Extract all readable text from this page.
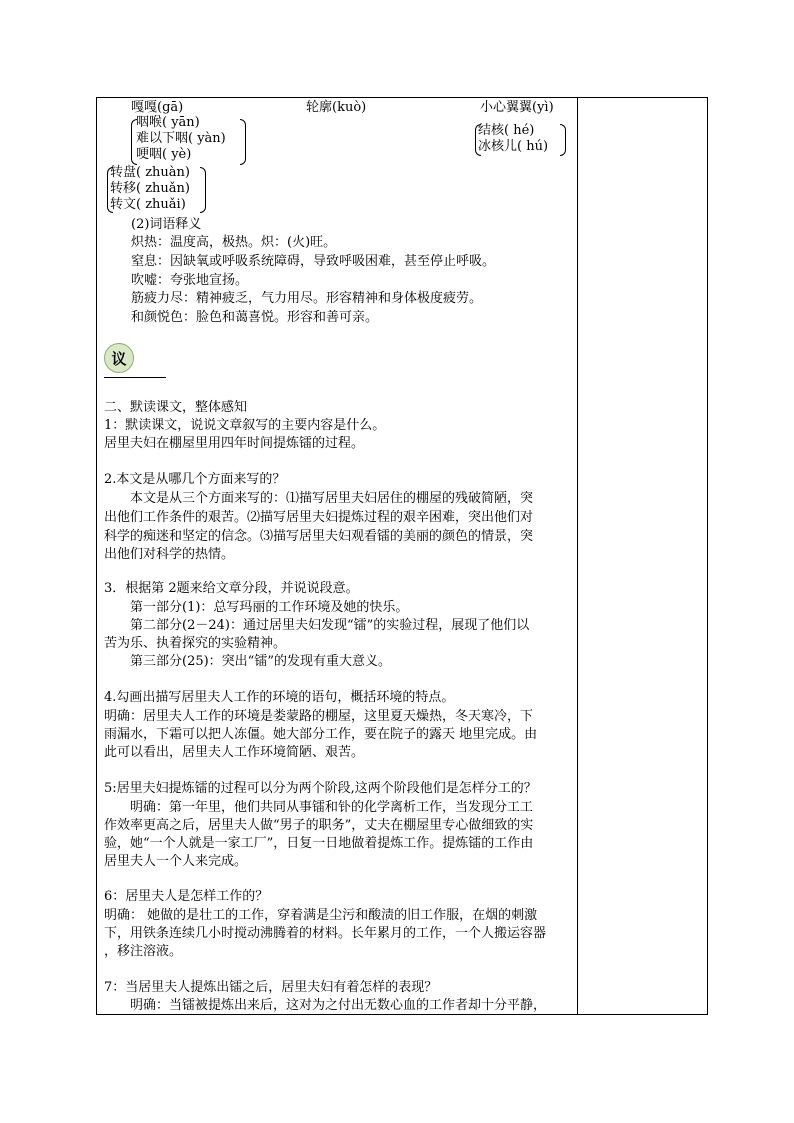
嘎嘎(gā)	轮廓(kuò)	小心翼翼(yì)
咽喉( yān)
难以下咽( yàn)
哽咽( yè)
结核( hé)
冰核儿( hú)
转盘( zhuàn)
转移( zhuǎn)
转文( zhuǎi)
(2)词语释义
炽热：温度高，极热。炽：(火)旺。
窒息：因缺氧或呼吸系统障碍，导致呼吸困难，甚至停止呼吸。
吹嘘：夸张地宣扬。
筋疲力尽：精神疲乏，气力用尽。形容精神和身体极度疲劳。
和颜悦色：脸色和蔼喜悦。形容和善可亲。
议
二、默读课文，整体感知
1：默读课文，说说文章叙写的主要内容是什么。
居里夫妇在棚屋里用四年时间提炼镭的过程。
2.本文是从哪几个方面来写的？
　　本文是从三个方面来写的：⑴描写居里夫妇居住的棚屋的残破简陋，突
出他们工作条件的艰苦。⑵描写居里夫妇提炼过程的艰辛困难，突出他们对
科学的痴迷和坚定的信念。⑶描写居里夫妇观看镭的美丽的颜色的情景，突
出他们对科学的热情。
3．根据第 2题来给文章分段，并说说段意。
　　第一部分(1)：总写玛丽的工作环境及她的快乐。
　　第二部分(2－24)：通过居里夫妇发现“镭”的实验过程，展现了他们以
苦为乐、执着探究的实验精神。
　　第三部分(25)：突出“镭”的发现有重大意义。
4.勾画出描写居里夫人工作的环境的语句，概括环境的特点。
明确：居里夫人工作的环境是娄蒙路的棚屋，这里夏天燥热，冬天寒冷，下
雨漏水，下霜可以把人冻僵。她大部分工作，要在院子的露天 地里完成。由
此可以看出，居里夫人工作环境简陋、艰苦。
5:居里夫妇提炼镭的过程可以分为两个阶段,这两个阶段他们是怎样分工的？
　　明确：第一年里，他们共同从事镭和钋的化学离析工作，当发现分工工
作效率更高之后，居里夫人做“男子的职务”，丈夫在棚屋里专心做细致的实
验，她“一个人就是一家工厂”，日复一日地做着提炼工作。提炼镭的工作由
居里夫人一个人来完成。
6：居里夫人是怎样工作的？
明确： 她做的是壮工的工作，穿着满是尘污和酸渍的旧工作服，在烟的刺激
下，用铁条连续几小时搅动沸腾着的材料。长年累月的工作，一个人搬运容器
，移注溶液。
7：当居里夫人提炼出镭之后，居里夫妇有着怎样的表现？
　　明确：当镭被提炼出来后，这对为之付出无数心血的工作者却十分平静，
